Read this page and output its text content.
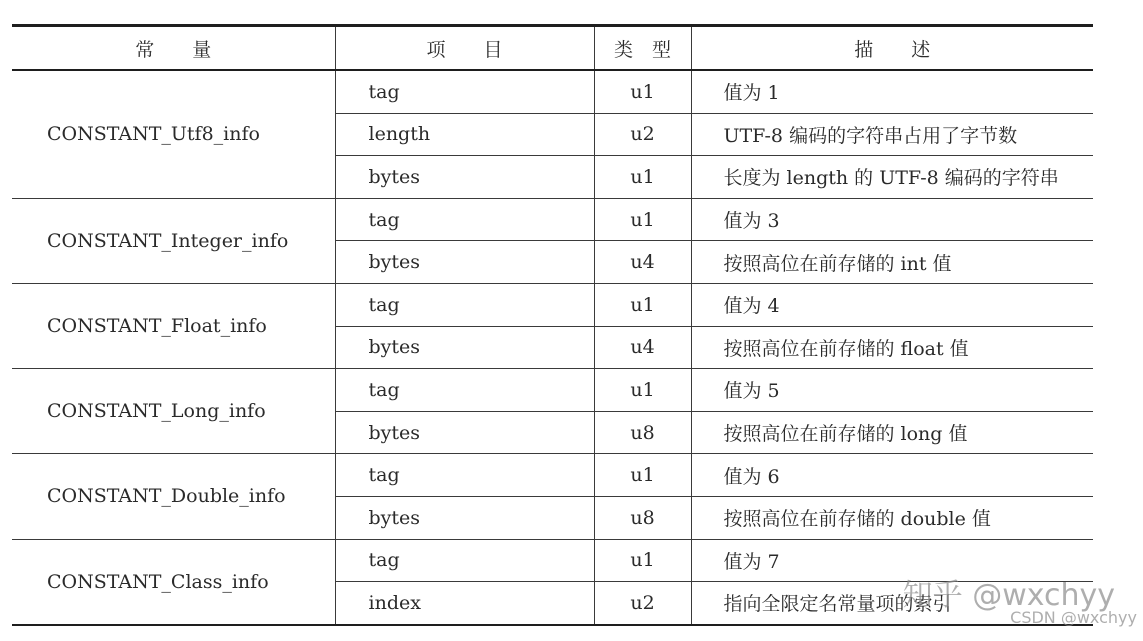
常　　量	项　　目	类　型	描　　述
CONSTANT_Utf8_info	tag	u1	值为 1
	length	u2	UTF-8 编码的字符串占用了字节数
	bytes	u1	长度为 length 的 UTF-8 编码的字符串
CONSTANT_Integer_info	tag	u1	值为 3
	bytes	u4	按照高位在前存储的 int 值
CONSTANT_Float_info	tag	u1	值为 4
	bytes	u4	按照高位在前存储的 float 值
CONSTANT_Long_info	tag	u1	值为 5
	bytes	u8	按照高位在前存储的 long 值
CONSTANT_Double_info	tag	u1	值为 6
	bytes	u8	按照高位在前存储的 double 值
CONSTANT_Class_info	tag	u1	值为 7
	index	u2	指向全限定名常量项的索引
知乎 @wxchyy
CSDN @wxchyy
